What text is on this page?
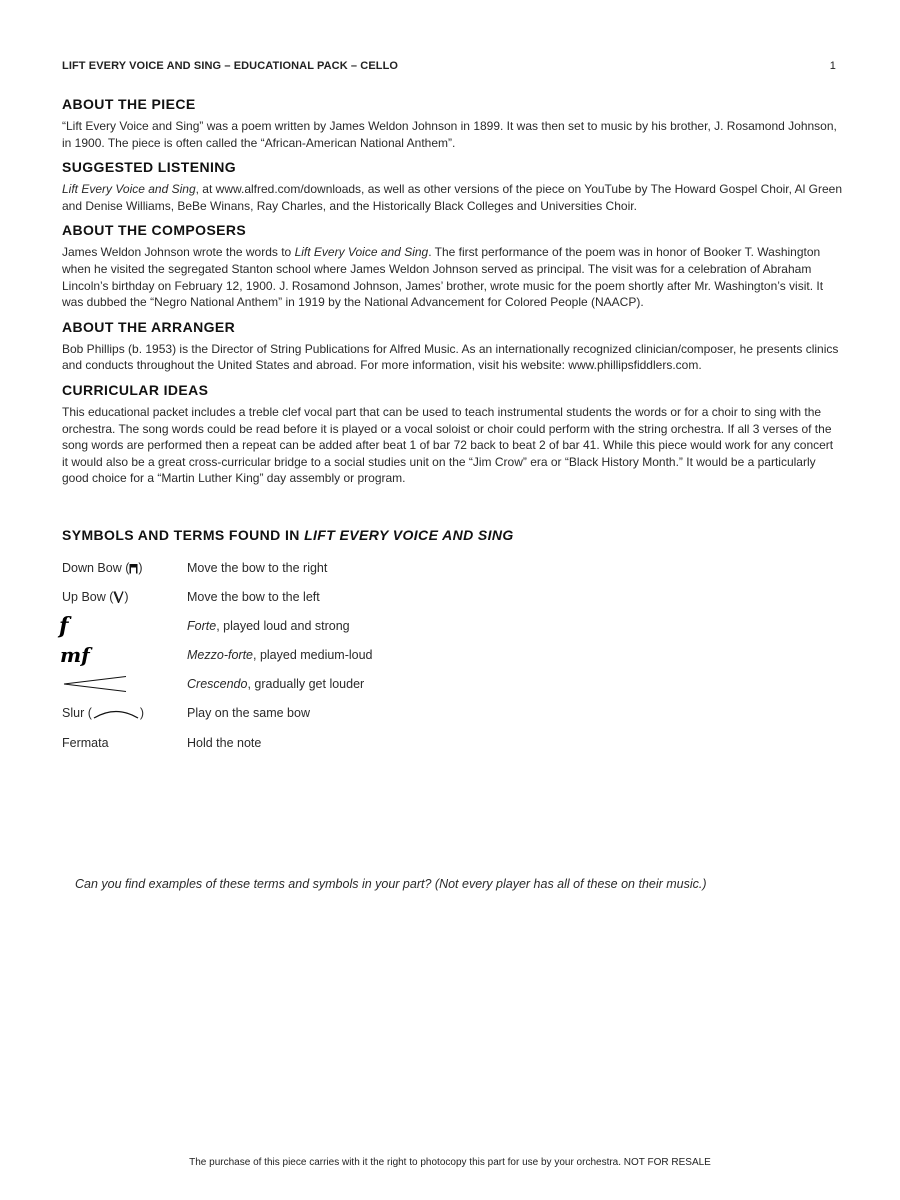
LIFT EVERY VOICE AND SING – EDUCATIONAL PACK – CELLO	1
ABOUT THE PIECE

“Lift Every Voice and Sing” was a poem written by James Weldon Johnson in 1899. It was then set to music by his brother, J. Rosamond Johnson, in 1900. The piece is often called the “African-American National Anthem”.

SUGGESTED LISTENING

Lift Every Voice and Sing, at www.alfred.com/downloads, as well as other versions of the piece on YouTube by The Howard Gospel Choir, Al Green and Denise Williams, BeBe Winans, Ray Charles, and the Historically Black Colleges and Universities Choir.

ABOUT THE COMPOSERS

James Weldon Johnson wrote the words to Lift Every Voice and Sing. The first performance of the poem was in honor of Booker T. Washington when he visited the segregated Stanton school where James Weldon Johnson served as principal. The visit was for a celebration of Abraham Lincoln’s birthday on February 12, 1900. J. Rosamond Johnson, James’ brother, wrote music for the poem shortly after Mr. Washington’s visit. It was dubbed the “Negro National Anthem” in 1919 by the National Advancement for Colored People (NAACP).

ABOUT THE ARRANGER

Bob Phillips (b. 1953) is the Director of String Publications for Alfred Music. As an internationally recognized clinician/composer, he presents clinics and conducts throughout the United States and abroad. For more information, visit his website: www.phillipsfiddlers.com.

CURRICULAR IDEAS

This educational packet includes a treble clef vocal part that can be used to teach instrumental students the words or for a choir to sing with the orchestra. The song words could be read before it is played or a vocal soloist or choir could perform with the string orchestra. If all 3 verses of the song words are performed then a repeat can be added after beat 1 of bar 72 back to beat 2 of bar 41. While this piece would work for any concert it would also be a great cross-curricular bridge to a social studies unit on the “Jim Crow” era or “Black History Month.” It would be a particularly good choice for a “Martin Luther King” day assembly or program.

SYMBOLS AND TERMS FOUND IN LIFT EVERY VOICE AND SING
Down Bow ( )	Move the bow to the right
Up Bow ( )	Move the bow to the left
f	Forte, played loud and strong
mf	Mezzo-forte, played medium-loud
	Crescendo, gradually get louder
Slur ( )	Play on the same bow
Fermata	Hold the note
Can you find examples of these terms and symbols in your part? (Not every player has all of these on their music.)
The purchase of this piece carries with it the right to photocopy this part for use by your orchestra. NOT FOR RESALE
